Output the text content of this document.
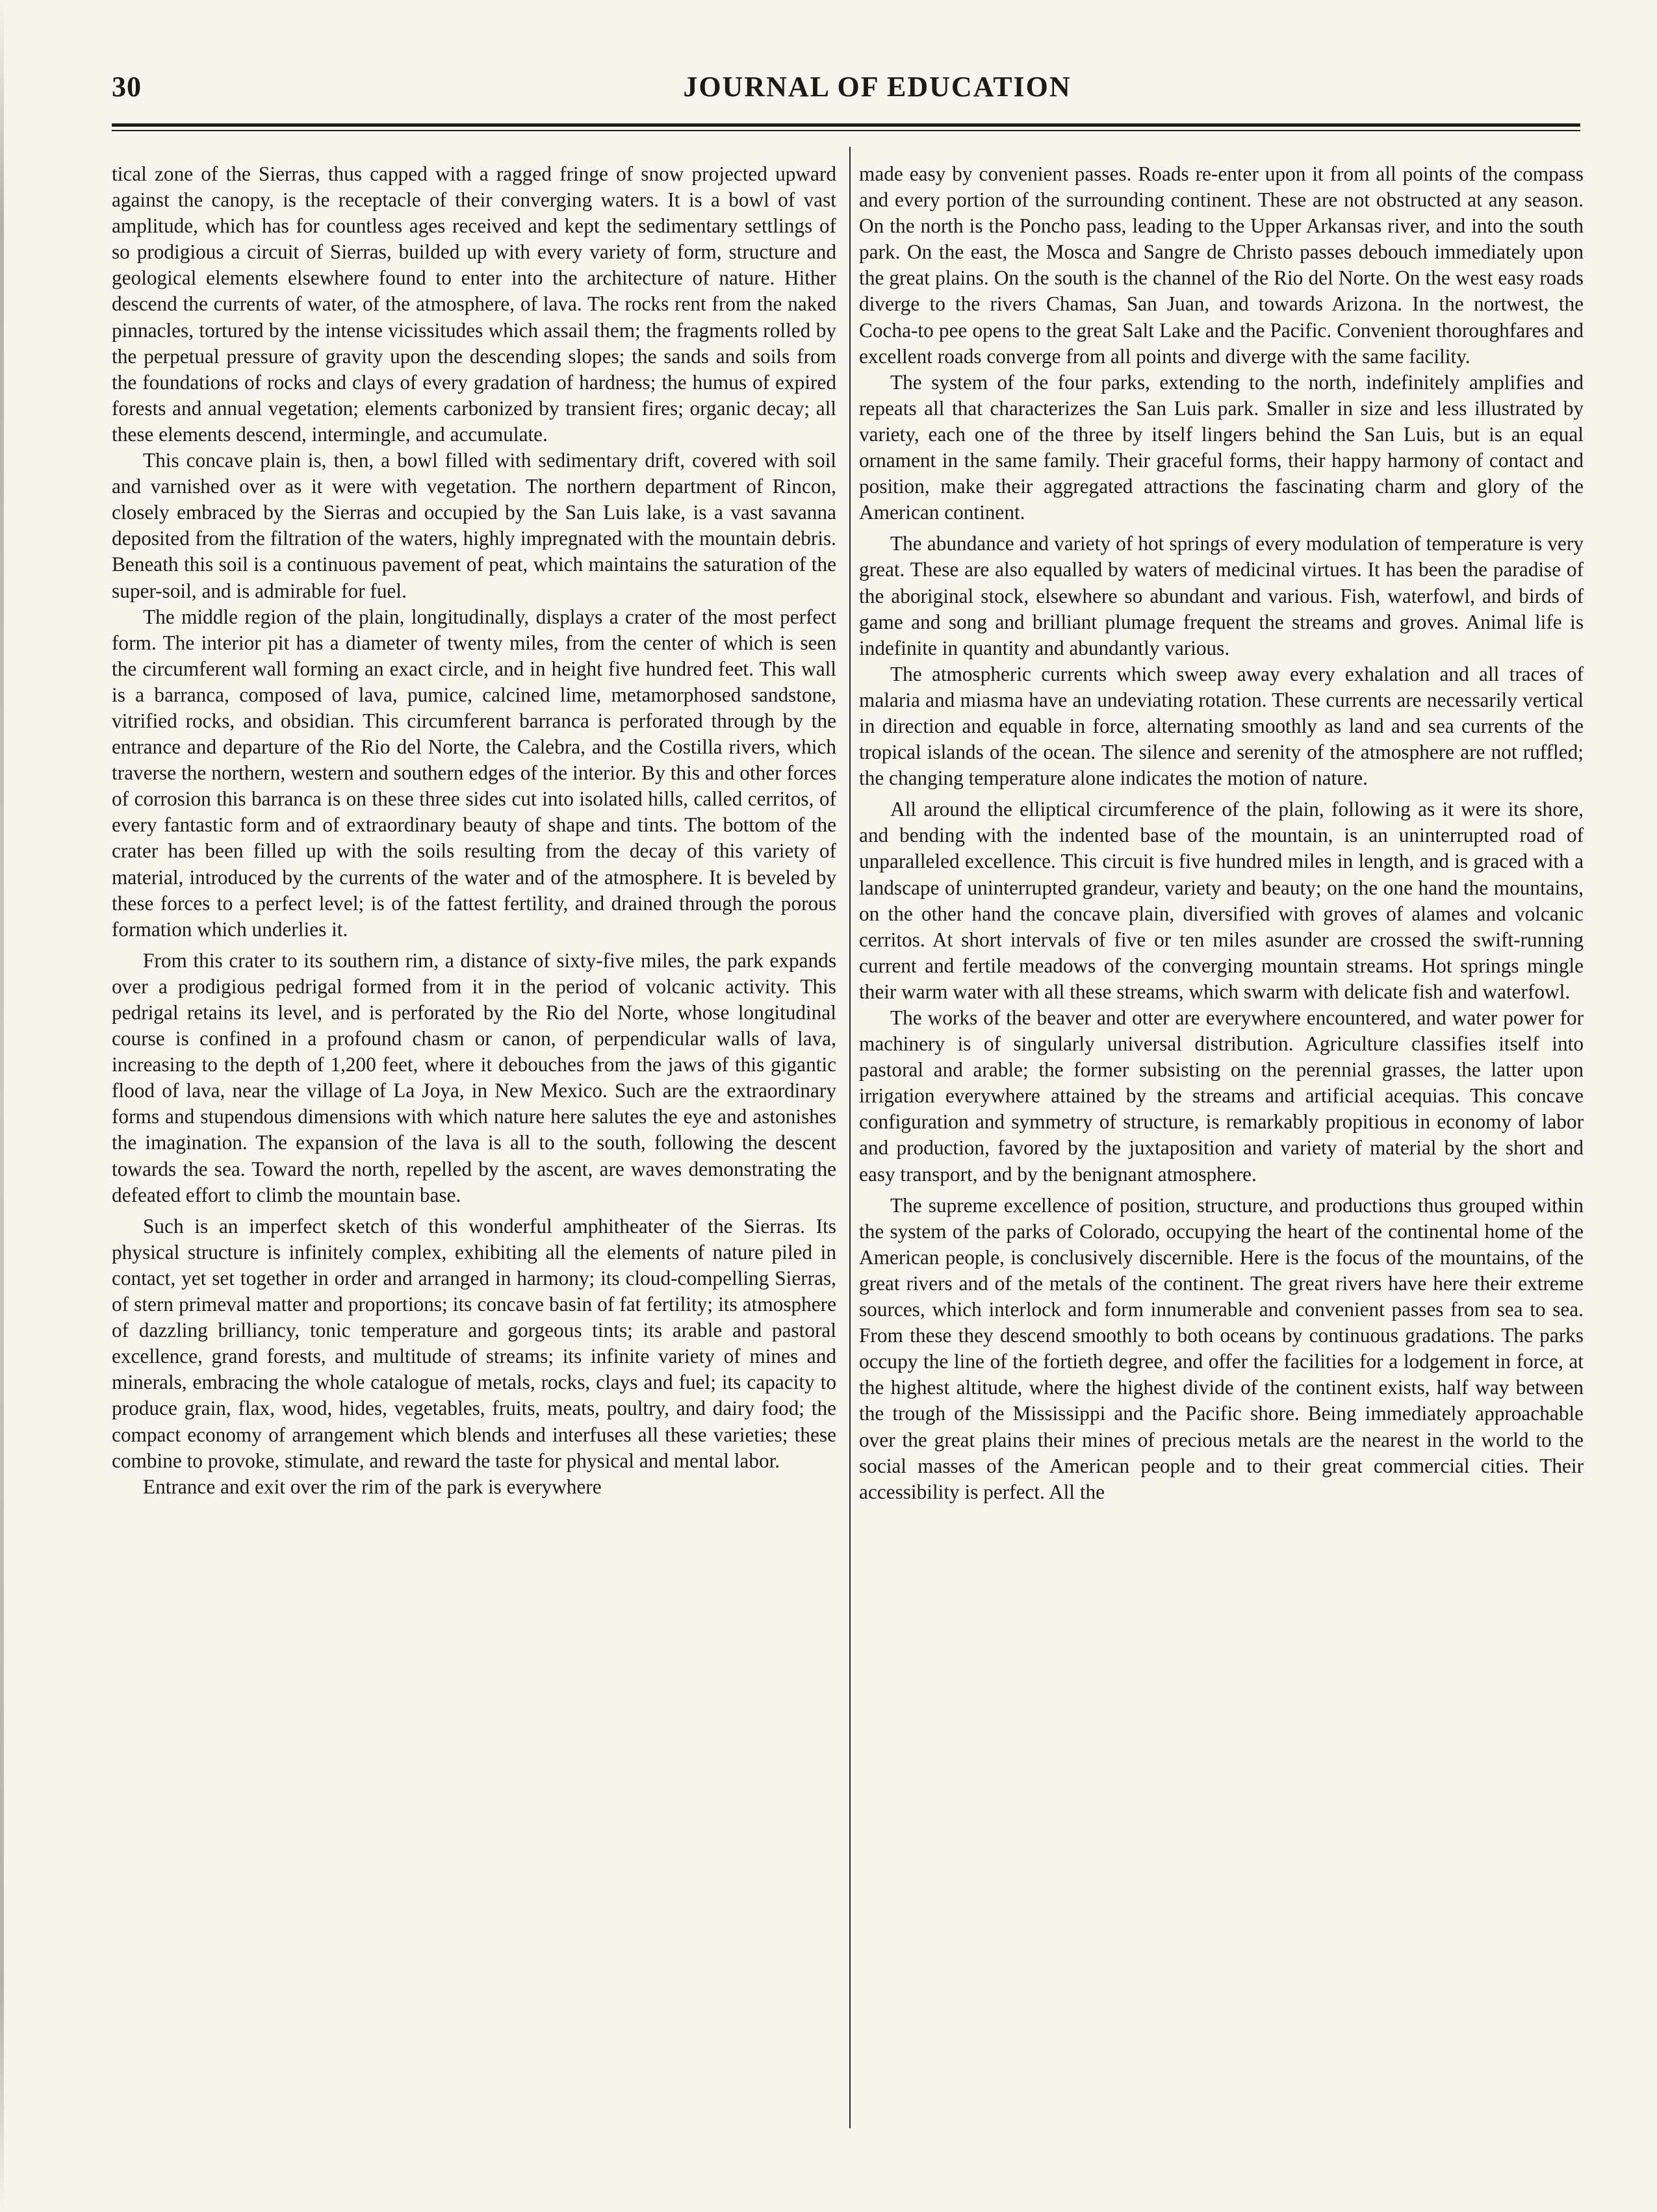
30	JOURNAL OF EDUCATION

tical zone of the Sierras, thus capped with a ragged fringe of snow projected upward against the canopy, is the receptacle of their converging waters. It is a bowl of vast amplitude, which has for countless ages received and kept the sedimentary settlings of so prodigious a circuit of Sierras, builded up with every variety of form, structure and geological elements elsewhere found to enter into the architecture of nature. Hither descend the currents of water, of the atmosphere, of lava. The rocks rent from the naked pinnacles, tortured by the intense vicissitudes which assail them; the fragments rolled by the perpetual pressure of gravity upon the descending slopes; the sands and soils from the foundations of rocks and clays of every gradation of hardness; the humus of expired forests and annual vegetation; elements carbonized by transient fires; organic decay; all these elements descend, intermingle, and accumulate.

This concave plain is, then, a bowl filled with sedimentary drift, covered with soil and varnished over as it were with vegetation. The northern department of Rincon, closely embraced by the Sierras and occupied by the San Luis lake, is a vast savanna deposited from the filtration of the waters, highly impregnated with the mountain debris. Beneath this soil is a continuous pavement of peat, which maintains the saturation of the super-soil, and is admirable for fuel.

The middle region of the plain, longitudinally, displays a crater of the most perfect form. The interior pit has a diameter of twenty miles, from the center of which is seen the circumferent wall forming an exact circle, and in height five hundred feet. This wall is a barranca, composed of lava, pumice, calcined lime, metamorphosed sandstone, vitrified rocks, and obsidian. This circumferent barranca is perforated through by the entrance and departure of the Rio del Norte, the Calebra, and the Costilla rivers, which traverse the northern, western and southern edges of the interior. By this and other forces of corrosion this barranca is on these three sides cut into isolated hills, called cerritos, of every fantastic form and of extraordinary beauty of shape and tints. The bottom of the crater has been filled up with the soils resulting from the decay of this variety of material, introduced by the currents of the water and of the atmosphere. It is beveled by these forces to a perfect level; is of the fattest fertility, and drained through the porous formation which underlies it.

From this crater to its southern rim, a distance of sixty-five miles, the park expands over a prodigious pedrigal formed from it in the period of volcanic activity. This pedrigal retains its level, and is perforated by the Rio del Norte, whose longitudinal course is confined in a profound chasm or canon, of perpendicular walls of lava, increasing to the depth of 1,200 feet, where it debouches from the jaws of this gigantic flood of lava, near the village of La Joya, in New Mexico. Such are the extraordinary forms and stupendous dimensions with which nature here salutes the eye and astonishes the imagination. The expansion of the lava is all to the south, following the descent towards the sea. Toward the north, repelled by the ascent, are waves demonstrating the defeated effort to climb the mountain base.

Such is an imperfect sketch of this wonderful amphitheater of the Sierras. Its physical structure is infinitely complex, exhibiting all the elements of nature piled in contact, yet set together in order and arranged in harmony; its cloud-compelling Sierras, of stern primeval matter and proportions; its concave basin of fat fertility; its atmosphere of dazzling brilliancy, tonic temperature and gorgeous tints; its arable and pastoral excellence, grand forests, and multitude of streams; its infinite variety of mines and minerals, embracing the whole catalogue of metals, rocks, clays and fuel; its capacity to produce grain, flax, wood, hides, vegetables, fruits, meats, poultry, and dairy food; the compact economy of arrangement which blends and interfuses all these varieties; these combine to provoke, stimulate, and reward the taste for physical and mental labor.

Entrance and exit over the rim of the park is everywhere

made easy by convenient passes. Roads re-enter upon it from all points of the compass and every portion of the surrounding continent. These are not obstructed at any season. On the north is the Poncho pass, leading to the Upper Arkansas river, and into the south park. On the east, the Mosca and Sangre de Christo passes debouch immediately upon the great plains. On the south is the channel of the Rio del Norte. On the west easy roads diverge to the rivers Chamas, San Juan, and towards Arizona. In the nortwest, the Cocha-to pee opens to the great Salt Lake and the Pacific. Convenient thoroughfares and excellent roads converge from all points and diverge with the same facility.

The system of the four parks, extending to the north, indefinitely amplifies and repeats all that characterizes the San Luis park. Smaller in size and less illustrated by variety, each one of the three by itself lingers behind the San Luis, but is an equal ornament in the same family. Their graceful forms, their happy harmony of contact and position, make their aggregated attractions the fascinating charm and glory of the American continent.

The abundance and variety of hot springs of every modulation of temperature is very great. These are also equalled by waters of medicinal virtues. It has been the paradise of the aboriginal stock, elsewhere so abundant and various. Fish, waterfowl, and birds of game and song and brilliant plumage frequent the streams and groves. Animal life is indefinite in quantity and abundantly various.

The atmospheric currents which sweep away every exhalation and all traces of malaria and miasma have an undeviating rotation. These currents are necessarily vertical in direction and equable in force, alternating smoothly as land and sea currents of the tropical islands of the ocean. The silence and serenity of the atmosphere are not ruffled; the changing temperature alone indicates the motion of nature.

All around the elliptical circumference of the plain, following as it were its shore, and bending with the indented base of the mountain, is an uninterrupted road of unparalleled excellence. This circuit is five hundred miles in length, and is graced with a landscape of uninterrupted grandeur, variety and beauty; on the one hand the mountains, on the other hand the concave plain, diversified with groves of alames and volcanic cerritos. At short intervals of five or ten miles asunder are crossed the swift-running current and fertile meadows of the converging mountain streams. Hot springs mingle their warm water with all these streams, which swarm with delicate fish and waterfowl.

The works of the beaver and otter are everywhere encountered, and water power for machinery is of singularly universal distribution. Agriculture classifies itself into pastoral and arable; the former subsisting on the perennial grasses, the latter upon irrigation everywhere attained by the streams and artificial acequias. This concave configuration and symmetry of structure, is remarkably propitious in economy of labor and production, favored by the juxtaposition and variety of material by the short and easy transport, and by the benignant atmosphere.

The supreme excellence of position, structure, and productions thus grouped within the system of the parks of Colorado, occupying the heart of the continental home of the American people, is conclusively discernible. Here is the focus of the mountains, of the great rivers and of the metals of the continent. The great rivers have here their extreme sources, which interlock and form innumerable and convenient passes from sea to sea. From these they descend smoothly to both oceans by continuous gradations. The parks occupy the line of the fortieth degree, and offer the facilities for a lodgement in force, at the highest altitude, where the highest divide of the continent exists, half way between the trough of the Mississippi and the Pacific shore. Being immediately approachable over the great plains their mines of precious metals are the nearest in the world to the social masses of the American people and to their great commercial cities. Their accessibility is perfect. All the
